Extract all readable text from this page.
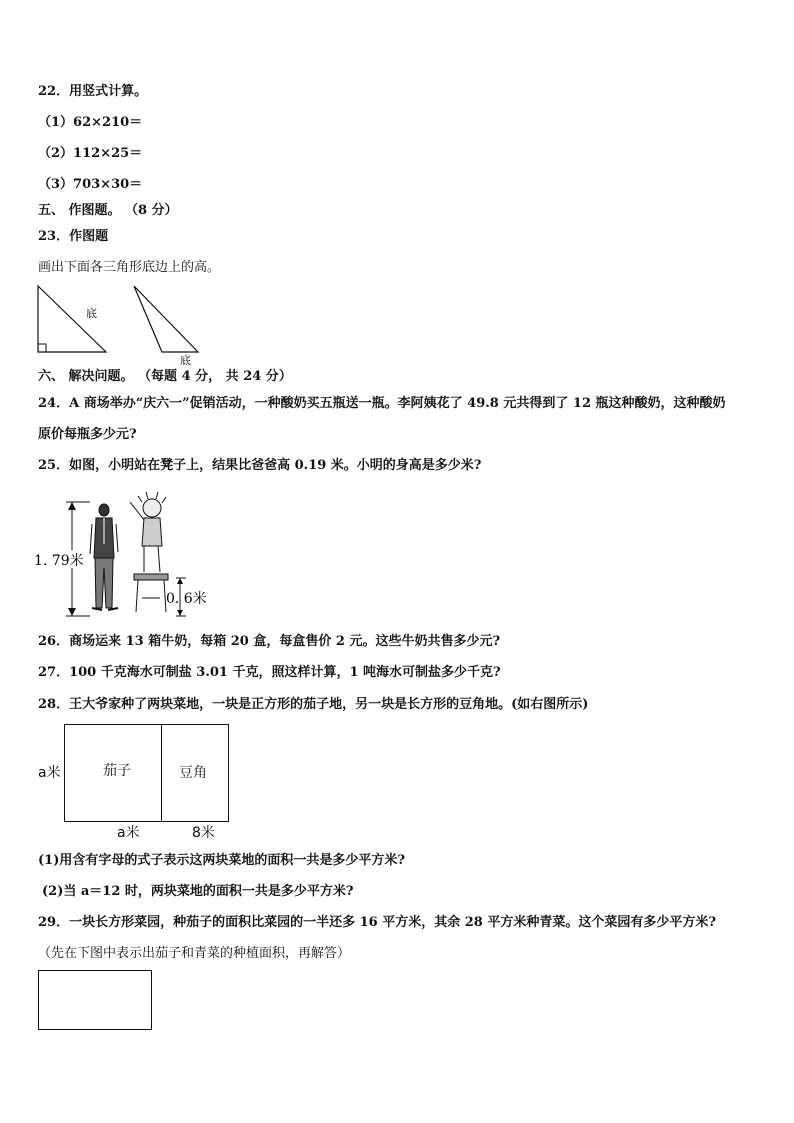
22．用竖式计算。
（1）62×210＝
（2）112×25＝
（3）703×30＝
五、 作图题。 （8 分）
23．作图题
画出下面各三角形底边上的高。
底
底
六、 解决问题。 （每题 4 分， 共 24 分）
24．A 商场举办“庆六一”促销活动，一种酸奶买五瓶送一瓶。李阿姨花了 49.8 元共得到了 12 瓶这种酸奶，这种酸奶
原价每瓶多少元?
25．如图，小明站在凳子上，结果比爸爸高 0.19 米。小明的身高是多少米?
1. 79米
0. 6米
26．商场运来 13 箱牛奶，每箱 20 盒，每盒售价 2 元。这些牛奶共售多少元?
27．100 千克海水可制盐 3.01 千克，照这样计算，1 吨海水可制盐多少千克?
28．王大爷家种了两块菜地，一块是正方形的茄子地，另一块是长方形的豆角地。(如右图所示)
a米	茄子	豆角
a米	8米
(1)用含有字母的式子表示这两块菜地的面积一共是多少平方米?
(2)当 a＝12 时，两块菜地的面积一共是多少平方米?
29．一块长方形菜园，种茄子的面积比菜园的一半还多 16 平方米，其余 28 平方米种青菜。这个菜园有多少平方米?
（先在下图中表示出茄子和青菜的种植面积，再解答）
